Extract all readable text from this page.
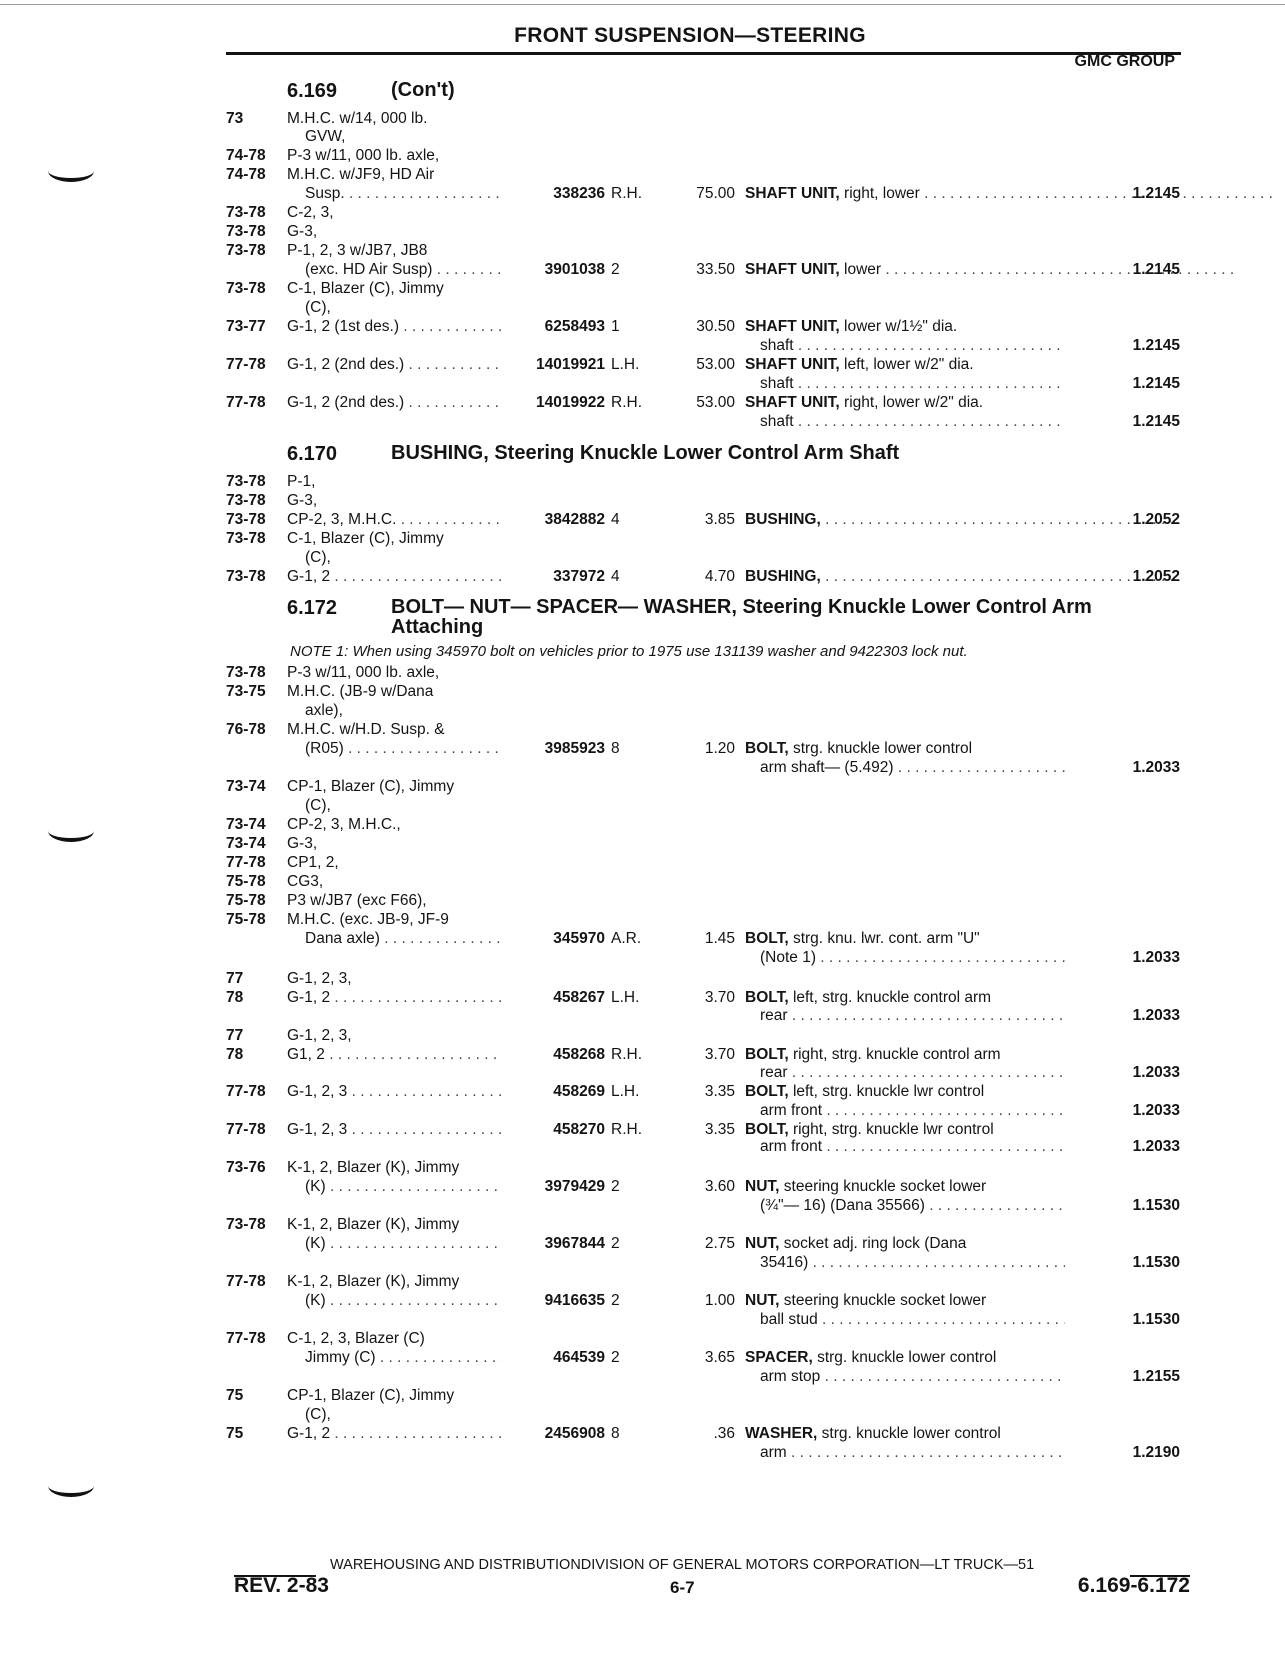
FRONT SUSPENSION—STEERING
GMC GROUP
6.169	(Con't)
6.170	BUSHING, Steering Knuckle Lower Control Arm Shaft
6.172	BOLT— NUT— SPACER— WASHER, Steering Knuckle Lower Control Arm Attaching
NOTE 1: When using 345970 bolt on vehicles prior to 1975 use 131139 washer and 9422303 lock nut.
73	M.H.C. w/14, 000 lb.
GVW,
74-78	P-3 w/11, 000 lb. axle,
74-78	M.H.C. w/JF9, HD Air
Susp. . . .	338236 R.H.	75.00 SHAFT UNIT, right, lower . . .	1.2145
73-78	C-2, 3,
73-78	G-3,
73-78	P-1, 2, 3 w/JB7, JB8
(exc. HD Air Susp) . . .	3901038 2	33.50 SHAFT UNIT, lower . . .	1.2145
73-78	C-1, Blazer (C), Jimmy
(C),
73-77	G-1, 2 (1st des.) . . .	6258493 1	30.50 SHAFT UNIT, lower w/1½" dia.
shaft . . .	1.2145
77-78	G-1, 2 (2nd des.) . . .	14019921 L.H.	53.00 SHAFT UNIT, left, lower w/2" dia.
shaft . . .	1.2145
77-78	G-1, 2 (2nd des.) . . .	14019922 R.H.	53.00 SHAFT UNIT, right, lower w/2" dia.
shaft . . .	1.2145
73-78	P-1,
73-78	G-3,
73-78	CP-2, 3, M.H.C. . . .	3842882 4	3.85 BUSHING, . . .	1.2052
73-78	C-1, Blazer (C), Jimmy
(C),
73-78	G-1, 2 . . .	337972 4	4.70 BUSHING, . . .	1.2052
73-78	P-3 w/11, 000 lb. axle,
73-75	M.H.C. (JB-9 w/Dana
axle),
76-78	M.H.C. w/H.D. Susp. &
(R05) . . .	3985923 8	1.20 BOLT, strg. knuckle lower control
arm shaft— (5.492) . . .	1.2033
73-74	CP-1, Blazer (C), Jimmy
(C),
73-74	CP-2, 3, M.H.C.,
73-74	G-3,
77-78	CP1, 2,
75-78	CG3,
75-78	P3 w/JB7 (exc F66),
75-78	M.H.C. (exc. JB-9, JF-9
Dana axle) . . .	345970 A.R.	1.45 BOLT, strg. knu. lwr. cont. arm "U"
(Note 1) . . .	1.2033
77	G-1, 2, 3,
78	G-1, 2 . . .	458267 L.H.	3.70 BOLT, left, strg. knuckle control arm
rear . . .	1.2033
77	G-1, 2, 3,
78	G1, 2 . . .	458268 R.H.	3.70 BOLT, right, strg. knuckle control arm
rear . . .	1.2033
77-78	G-1, 2, 3 . . .	458269 L.H.	3.35 BOLT, left, strg. knuckle lwr control
arm front . . .	1.2033
77-78	G-1, 2, 3 . . .	458270 R.H.	3.35 BOLT, right, strg. knuckle lwr control
arm front . . .	1.2033
73-76	K-1, 2, Blazer (K), Jimmy
(K) . . .	3979429 2	3.60 NUT, steering knuckle socket lower
(¾"— 16) (Dana 35566) . . .	1.1530
73-78	K-1, 2, Blazer (K), Jimmy
(K) . . .	3967844 2	2.75 NUT, socket adj. ring lock (Dana
35416) . . .	1.1530
77-78	K-1, 2, Blazer (K), Jimmy
(K) . . .	9416635 2	1.00 NUT, steering knuckle socket lower
ball stud . . .	1.1530
77-78	C-1, 2, 3, Blazer (C)
Jimmy (C) . . .	464539 2	3.65 SPACER, strg. knuckle lower control
arm stop . . .	1.2155
75	CP-1, Blazer (C), Jimmy
(C),
75	G-1, 2 . . .	2456908 8	.36 WASHER, strg. knuckle lower control
arm . . .	1.2190
WAREHOUSING AND DISTRIBUTIONDIVISION OF GENERAL MOTORS CORPORATION—LT TRUCK—51
REV. 2-83	6-7	6.169-6.172
